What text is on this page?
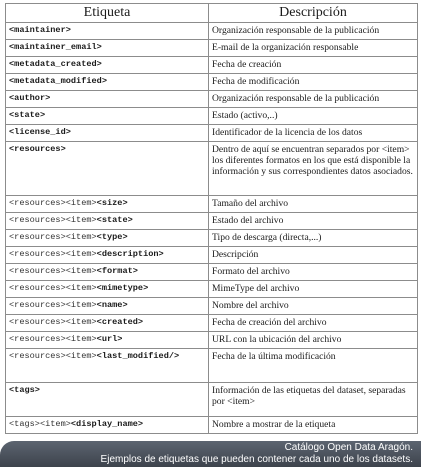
Etiqueta	Descripción
<maintainer>	Organización responsable de la publicación
<maintainer_email>	E-mail de la organización responsable
<metadata_created>	Fecha de creación
<metadata_modified>	Fecha de modificación
<author>	Organización responsable de la publicación
<state>	Estado (activo,..)
<license_id>	Identificador de la licencia de los datos
<resources>	Dentro de aquí se encuentran separados por <item> los diferentes formatos en los que está disponible la información y sus correspondientes datos asociados.
<resources><item><size>	Tamaño del archivo
<resources><item><state>	Estado del archivo
<resources><item><type>	Tipo de descarga (directa,...)
<resources><item><description>	Descripción
<resources><item><format>	Formato del archivo
<resources><item><mimetype>	MimeType del archivo
<resources><item><name>	Nombre del archivo
<resources><item><created>	Fecha de creación del archivo
<resources><item><url>	URL con la ubicación del archivo
<resources><item><last_modified/>	Fecha de la última modificación
<tags>	Información de las etiquetas del dataset, separadas por <item>
<tags><item><display_name>	Nombre a mostrar de la etiqueta
Catálogo Open Data Aragón.
Ejemplos de etiquetas que pueden contener cada uno de los datasets.
